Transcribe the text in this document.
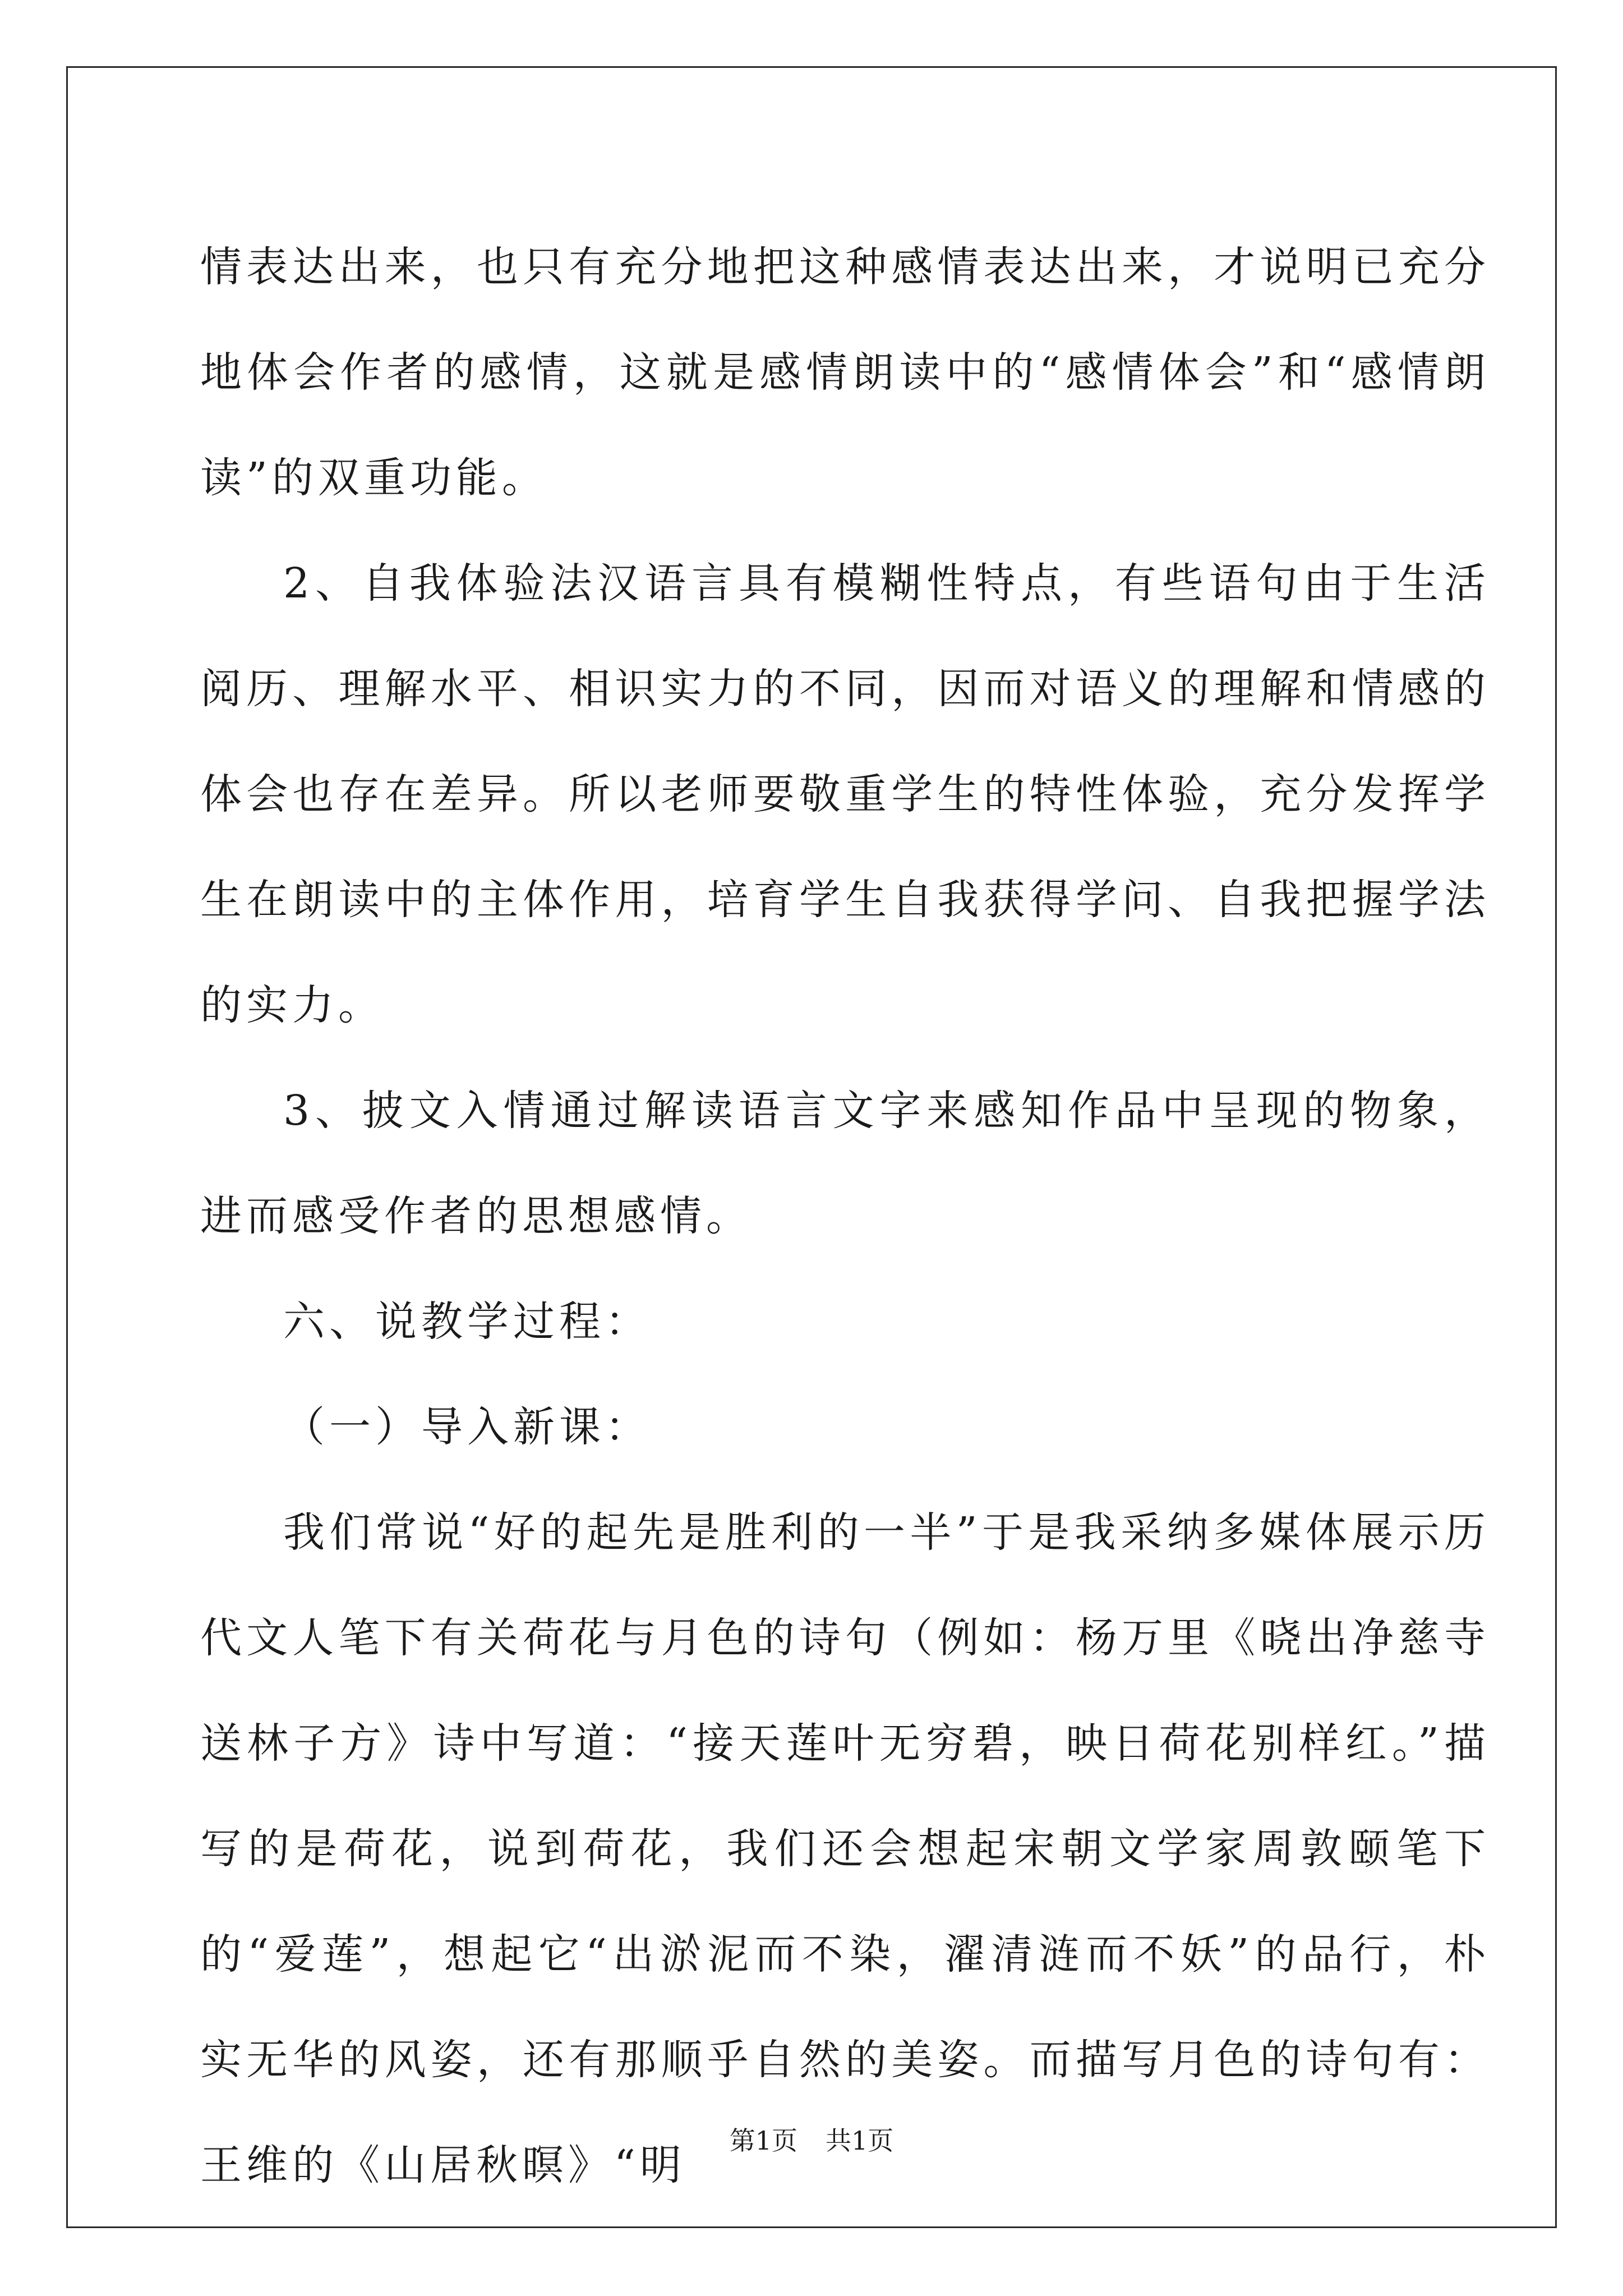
情表达出来，也只有充分地把这种感情表达出来，才说明已充分地体会作者的感情，这就是感情朗读中的“感情体会”和“感情朗读”的双重功能。

2、自我体验法汉语言具有模糊性特点，有些语句由于生活阅历、理解水平、相识实力的不同，因而对语义的理解和情感的体会也存在差异。所以老师要敬重学生的特性体验，充分发挥学生在朗读中的主体作用，培育学生自我获得学问、自我把握学法的实力。

3、披文入情通过解读语言文字来感知作品中呈现的物象，进而感受作者的思想感情。

六、说教学过程：

（一）导入新课：

我们常说“好的起先是胜利的一半”于是我采纳多媒体展示历代文人笔下有关荷花与月色的诗句（例如：杨万里《晓出净慈寺送林子方》诗中写道：“接天莲叶无穷碧，映日荷花别样红。”描写的是荷花，说到荷花，我们还会想起宋朝文学家周敦颐笔下的“爱莲”，想起它“出淤泥而不染，濯清涟而不妖”的品行，朴实无华的风姿，还有那顺乎自然的美姿。而描写月色的诗句有：王维的《山居秋暝》“明

第1页 共1页
